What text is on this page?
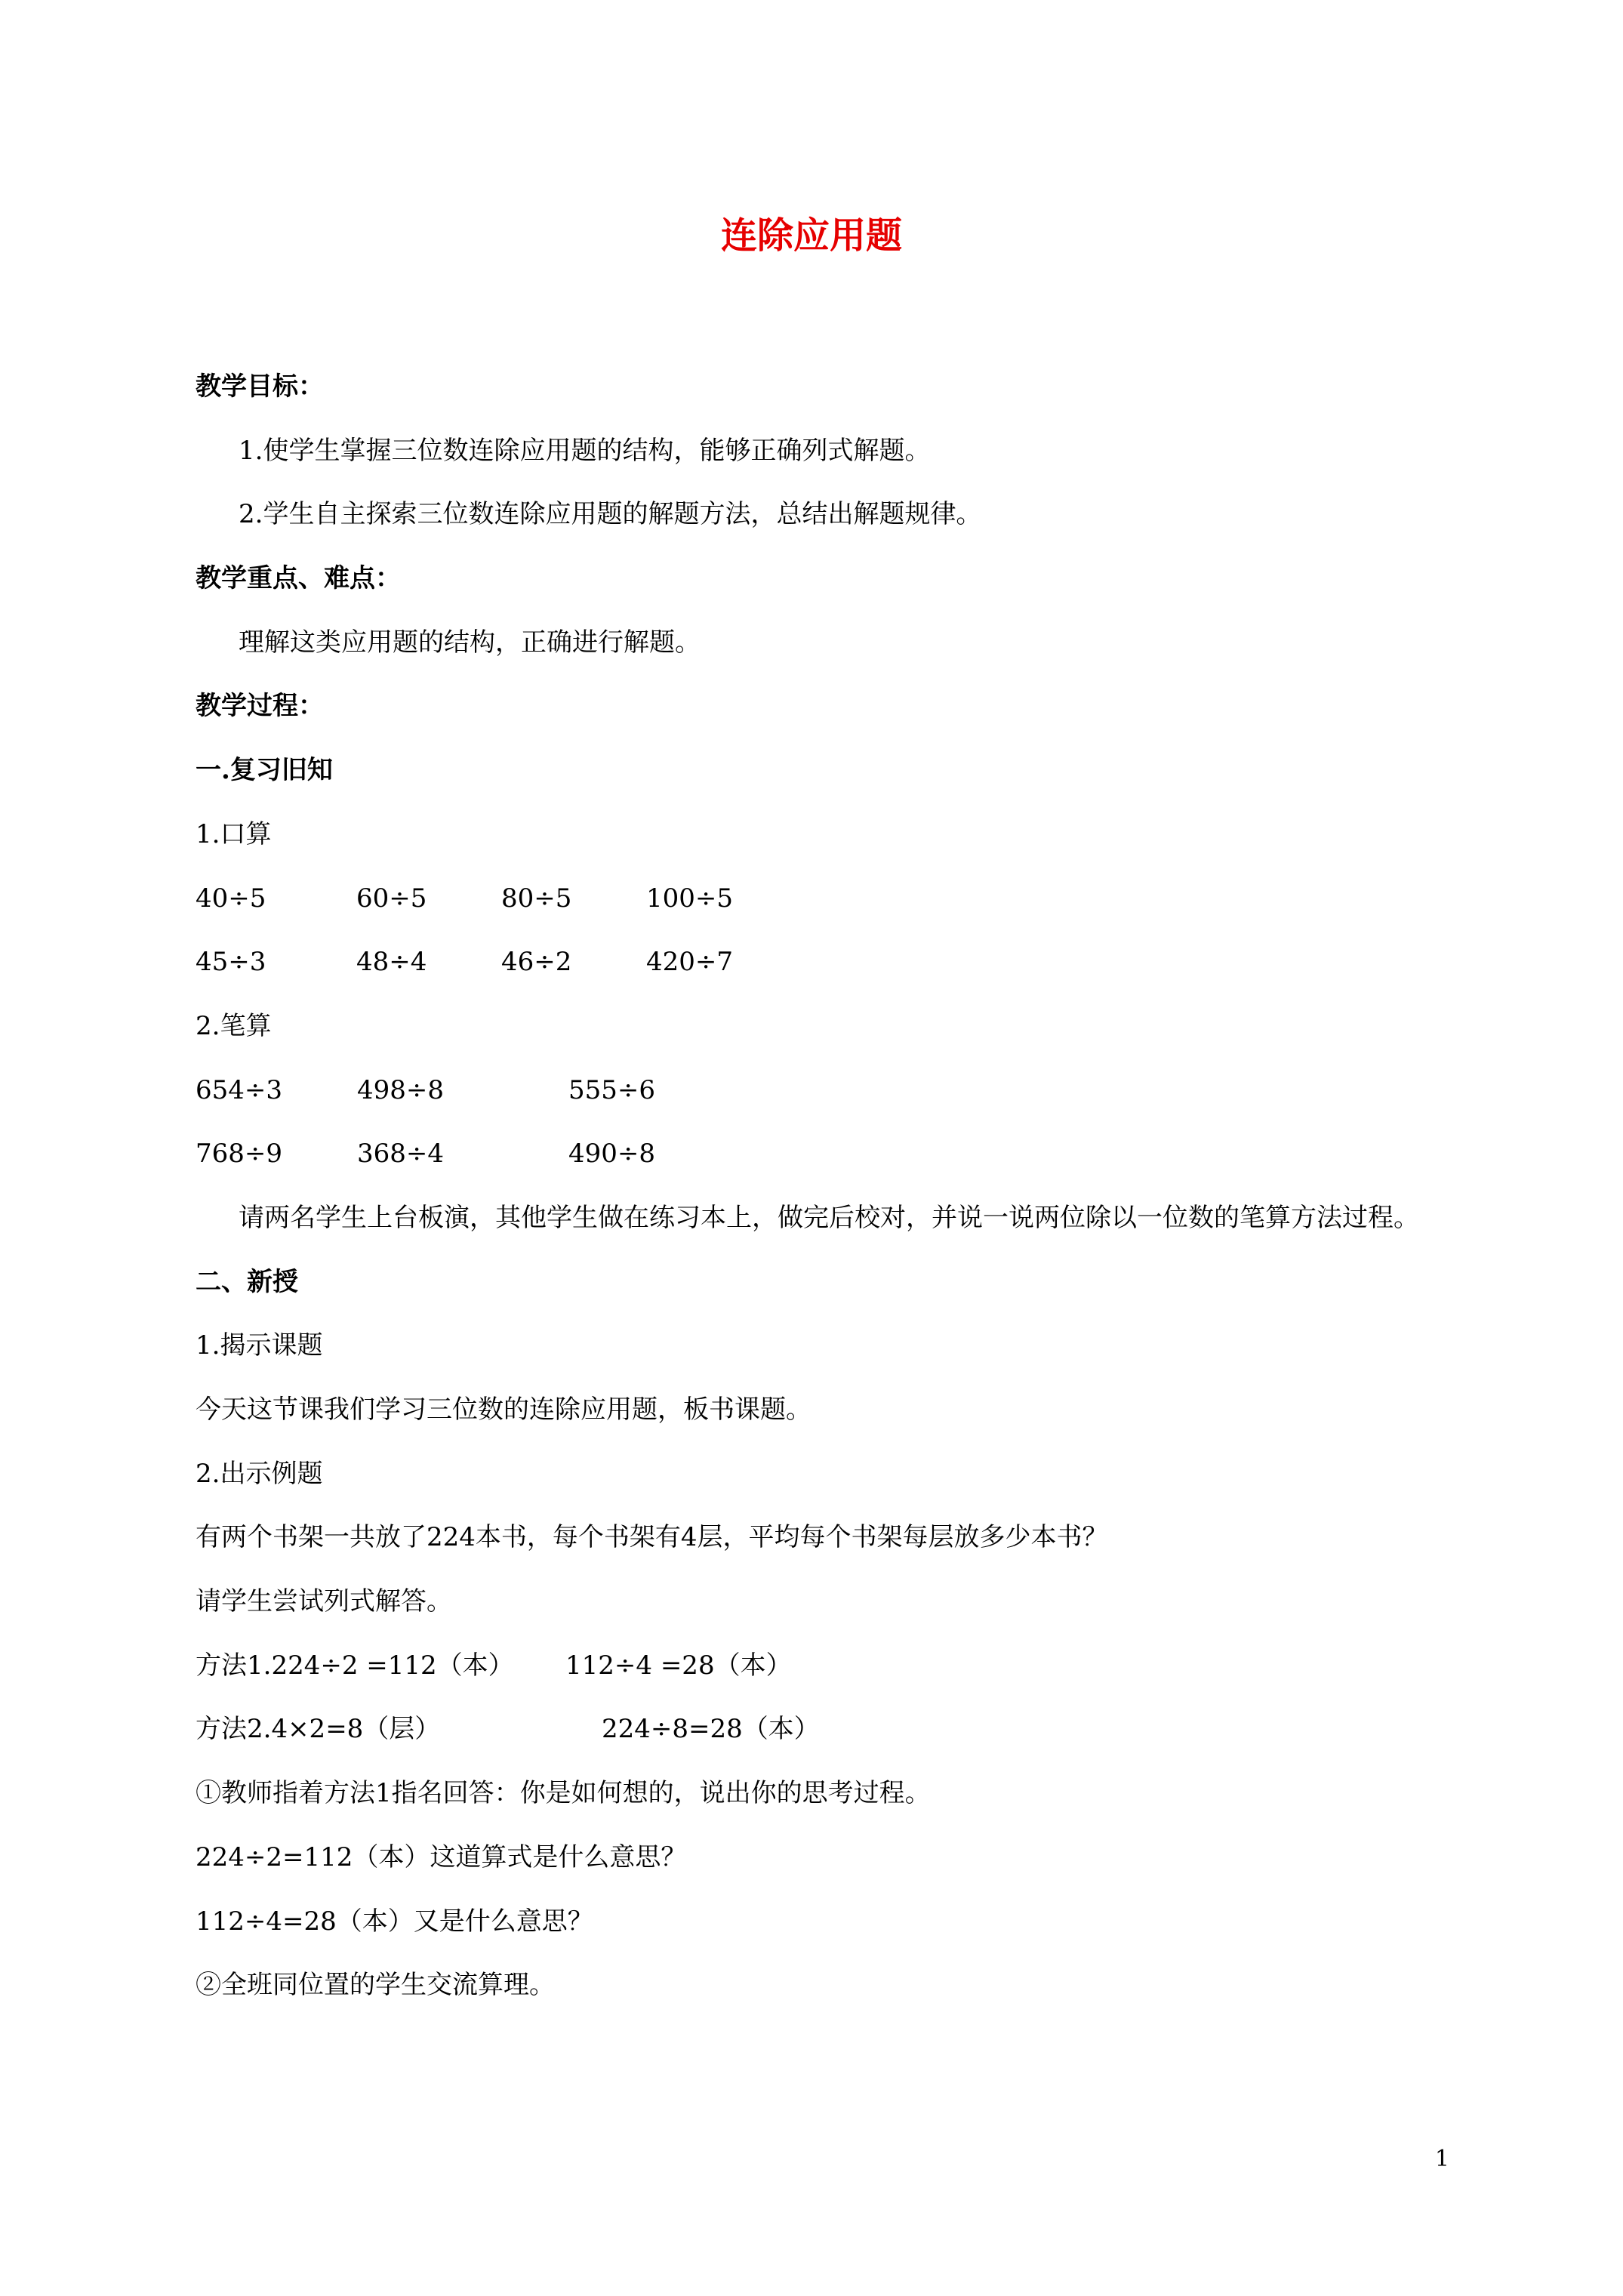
连除应用题
教学目标：
1.使学生掌握三位数连除应用题的结构，能够正确列式解题。
2.学生自主探索三位数连除应用题的解题方法，总结出解题规律。
教学重点、难点：
理解这类应用题的结构，正确进行解题。
教学过程：
一.复习旧知
1.口算
40÷5	60÷5	80÷5	100÷5
45÷3	48÷4	46÷2	420÷7
2.笔算
654÷3	498÷8	555÷6
768÷9	368÷4	490÷8

请两名学生上台板演，其他学生做在练习本上，做完后校对，并说一说两位除以一位数的笔算方法过程。

二、新授
1.揭示课题
今天这节课我们学习三位数的连除应用题，板书课题。
2.出示例题
有两个书架一共放了224本书，每个书架有4层，平均每个书架每层放多少本书？
请学生尝试列式解答。
方法1.224÷2 =112（本）	112÷4 =28（本）
方法2.4×2=8（层）	224÷8=28（本）
①教师指着方法1指名回答：你是如何想的，说出你的思考过程。
224÷2=112（本）这道算式是什么意思？
112÷4=28（本）又是什么意思？
②全班同位置的学生交流算理。
1
